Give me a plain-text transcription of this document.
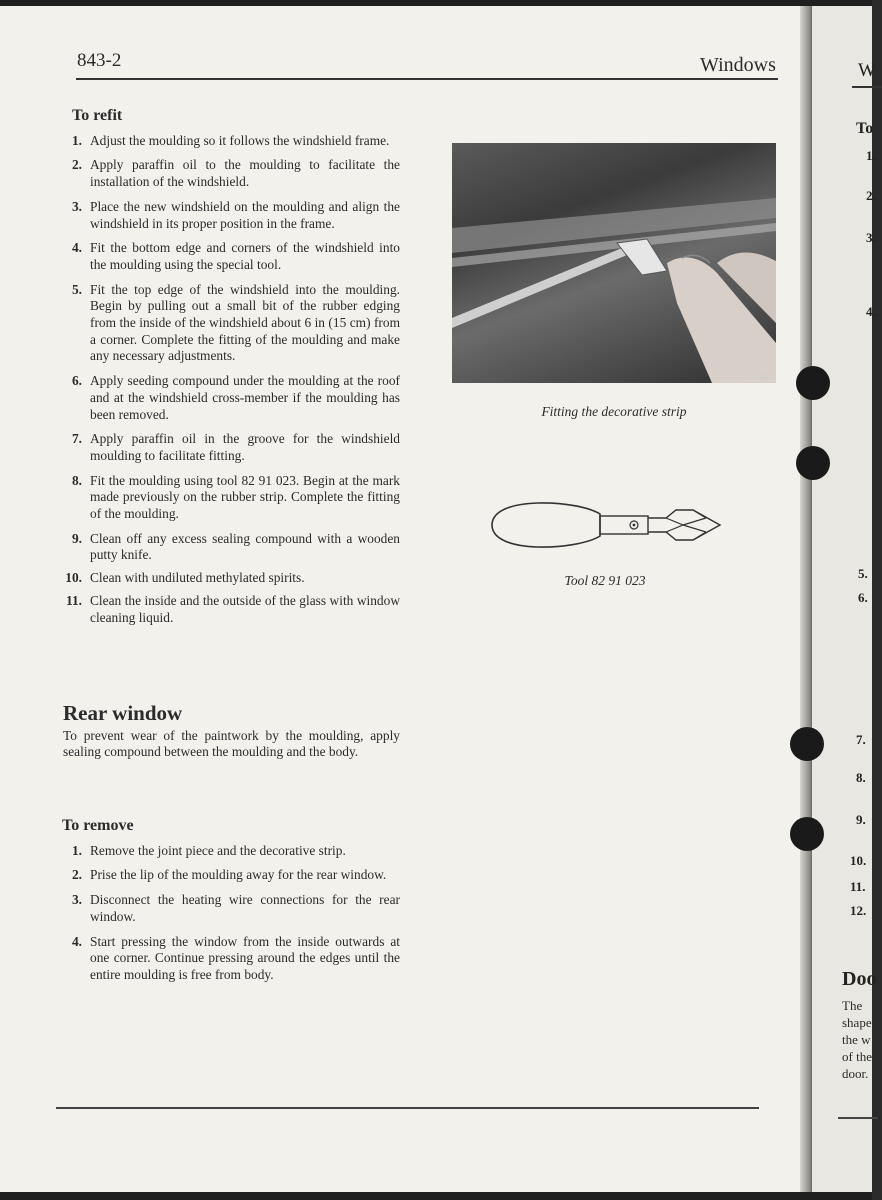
843-2	Windows
To refit
1. Adjust the moulding so it follows the windshield frame.
2. Apply paraffin oil to the moulding to facilitate the installation of the windshield.
3. Place the new windshield on the moulding and align the windshield in its proper position in the frame.
4. Fit the bottom edge and corners of the windshield into the moulding using the special tool.
5. Fit the top edge of the windshield into the moulding. Begin by pulling out a small bit of the rubber edging from the inside of the windshield about 6 in (15 cm) from a corner. Complete the fitting of the moulding and make any necessary adjustments.
6. Apply seeding compound under the moulding at the roof and at the windshield cross-member if the moulding has been removed.
7. Apply paraffin oil in the groove for the windshield moulding to facilitate fitting.
8. Fit the moulding using tool 82 91 023. Begin at the mark made previously on the rubber strip. Complete the fitting of the moulding.
9. Clean off any excess sealing compound with a wooden putty knife.
10. Clean with undiluted methylated spirits.
11. Clean the inside and the outside of the glass with window cleaning liquid.
Rear window

To prevent wear of the paintwork by the moulding, apply sealing compound between the moulding and the body.

To remove
1. Remove the joint piece and the decorative strip.
2. Prise the lip of the moulding away for the rear window.
3. Disconnect the heating wire connections for the rear window.
4. Start pressing the window from the inside outwards at one corner. Continue pressing around the edges until the entire moulding is free from body.
S 2109
Fitting the decorative strip
Tool 82 91 023
W
To
1.
2.
3.
4.
5.
6.
7.
8.
9.
10.
11.
12.
Doo
The
shape
the w
of the
door.
